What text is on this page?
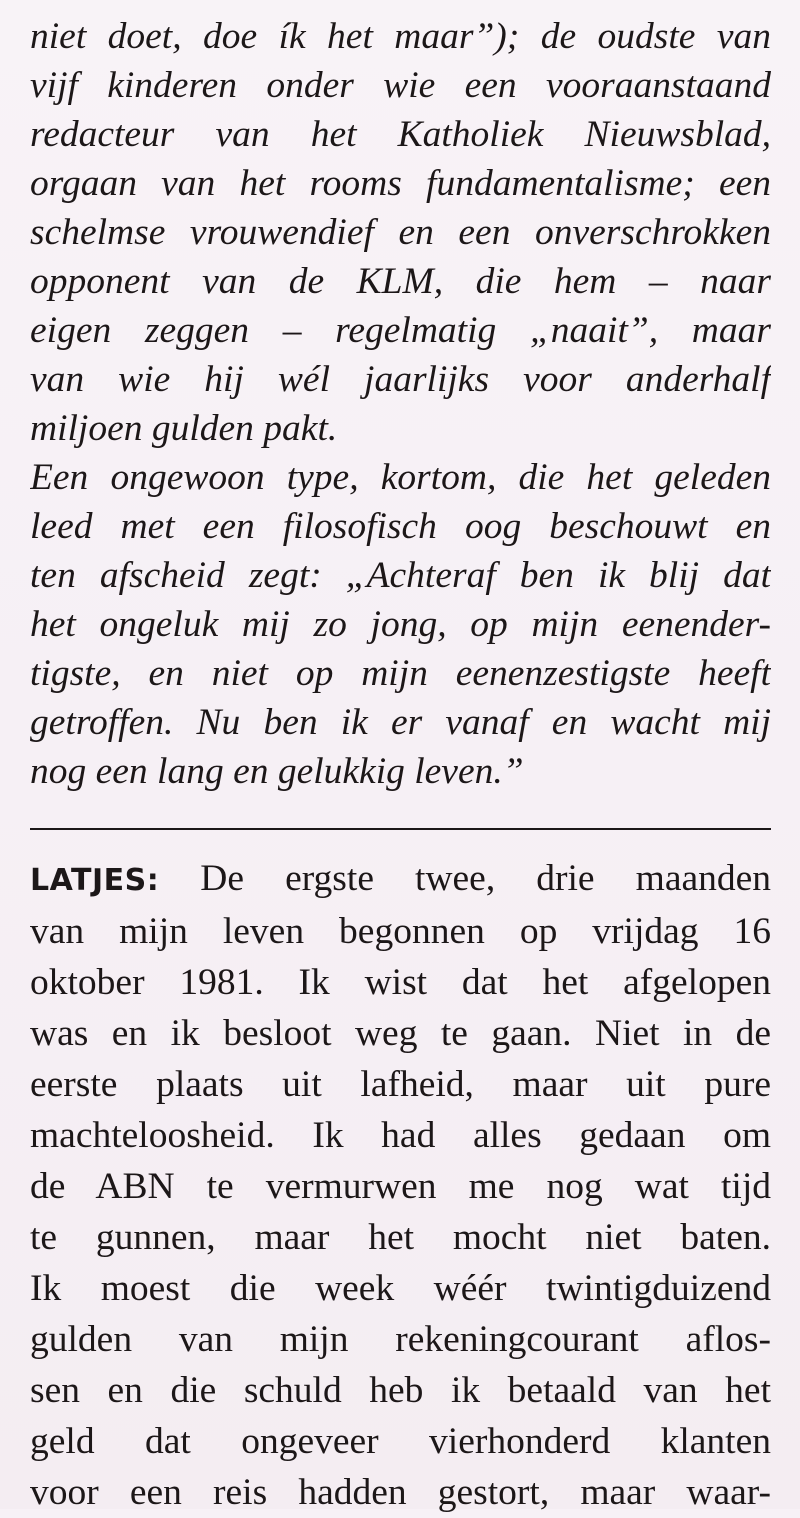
niet doet, doe ík het maar”); de oudste van
vijf kinderen onder wie een vooraanstaand
redacteur van het Katholiek Nieuwsblad,
orgaan van het rooms fundamentalisme; een
schelmse vrouwendief en een onverschrokken
opponent van de KLM, die hem – naar
eigen zeggen – regelmatig „naait”, maar
van wie hij wél jaarlijks voor anderhalf
miljoen gulden pakt.
Een ongewoon type, kortom, die het geleden
leed met een filosofisch oog beschouwt en
ten afscheid zegt: „Achteraf ben ik blij dat
het ongeluk mij zo jong, op mijn eenender-
tigste, en niet op mijn eenenzestigste heeft
getroffen. Nu ben ik er vanaf en wacht mij
nog een lang en gelukkig leven.”
LATJES: De ergste twee, drie maanden
van mijn leven begonnen op vrijdag 16
oktober 1981. Ik wist dat het afgelopen
was en ik besloot weg te gaan. Niet in de
eerste plaats uit lafheid, maar uit pure
machteloosheid. Ik had alles gedaan om
de ABN te vermurwen me nog wat tijd
te gunnen, maar het mocht niet baten.
Ik moest die week wéér twintigduizend
gulden van mijn rekeningcourant aflos-
sen en die schuld heb ik betaald van het
geld dat ongeveer vierhonderd klanten
voor een reis hadden gestort, maar waar-
